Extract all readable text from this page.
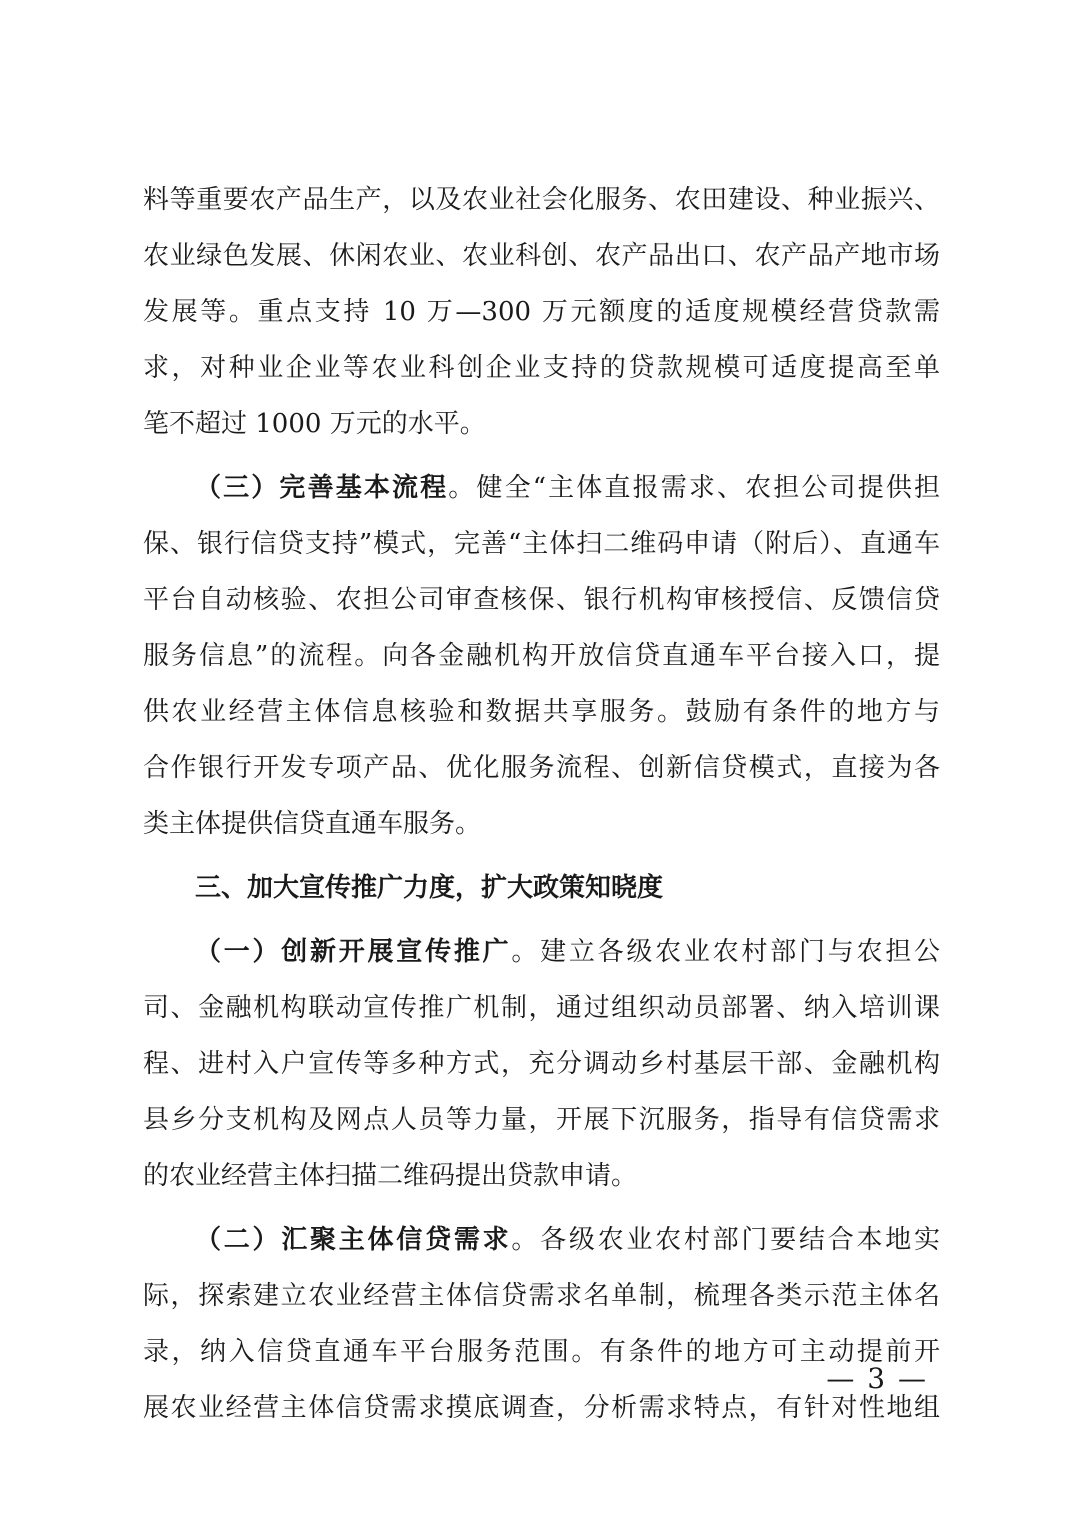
料等重要农产品生产，以及农业社会化服务、农田建设、种业振兴、
农业绿色发展、休闲农业、农业科创、农产品出口、农产品产地市场
发展等。重点支持 10 万—300 万元额度的适度规模经营贷款需
求，对种业企业等农业科创企业支持的贷款规模可适度提高至单
笔不超过 1000 万元的水平。
（三）完善基本流程。健全“主体直报需求、农担公司提供担
保、银行信贷支持”模式，完善“主体扫二维码申请（附后）、直通车
平台自动核验、农担公司审查核保、银行机构审核授信、反馈信贷
服务信息”的流程。向各金融机构开放信贷直通车平台接入口，提
供农业经营主体信息核验和数据共享服务。鼓励有条件的地方与
合作银行开发专项产品、优化服务流程、创新信贷模式，直接为各
类主体提供信贷直通车服务。
三、加大宣传推广力度，扩大政策知晓度
（一）创新开展宣传推广。建立各级农业农村部门与农担公
司、金融机构联动宣传推广机制，通过组织动员部署、纳入培训课
程、进村入户宣传等多种方式，充分调动乡村基层干部、金融机构
县乡分支机构及网点人员等力量，开展下沉服务，指导有信贷需求
的农业经营主体扫描二维码提出贷款申请。
（二）汇聚主体信贷需求。各级农业农村部门要结合本地实
际，探索建立农业经营主体信贷需求名单制，梳理各类示范主体名
录，纳入信贷直通车平台服务范围。有条件的地方可主动提前开
展农业经营主体信贷需求摸底调查，分析需求特点，有针对性地组
— 3 —
